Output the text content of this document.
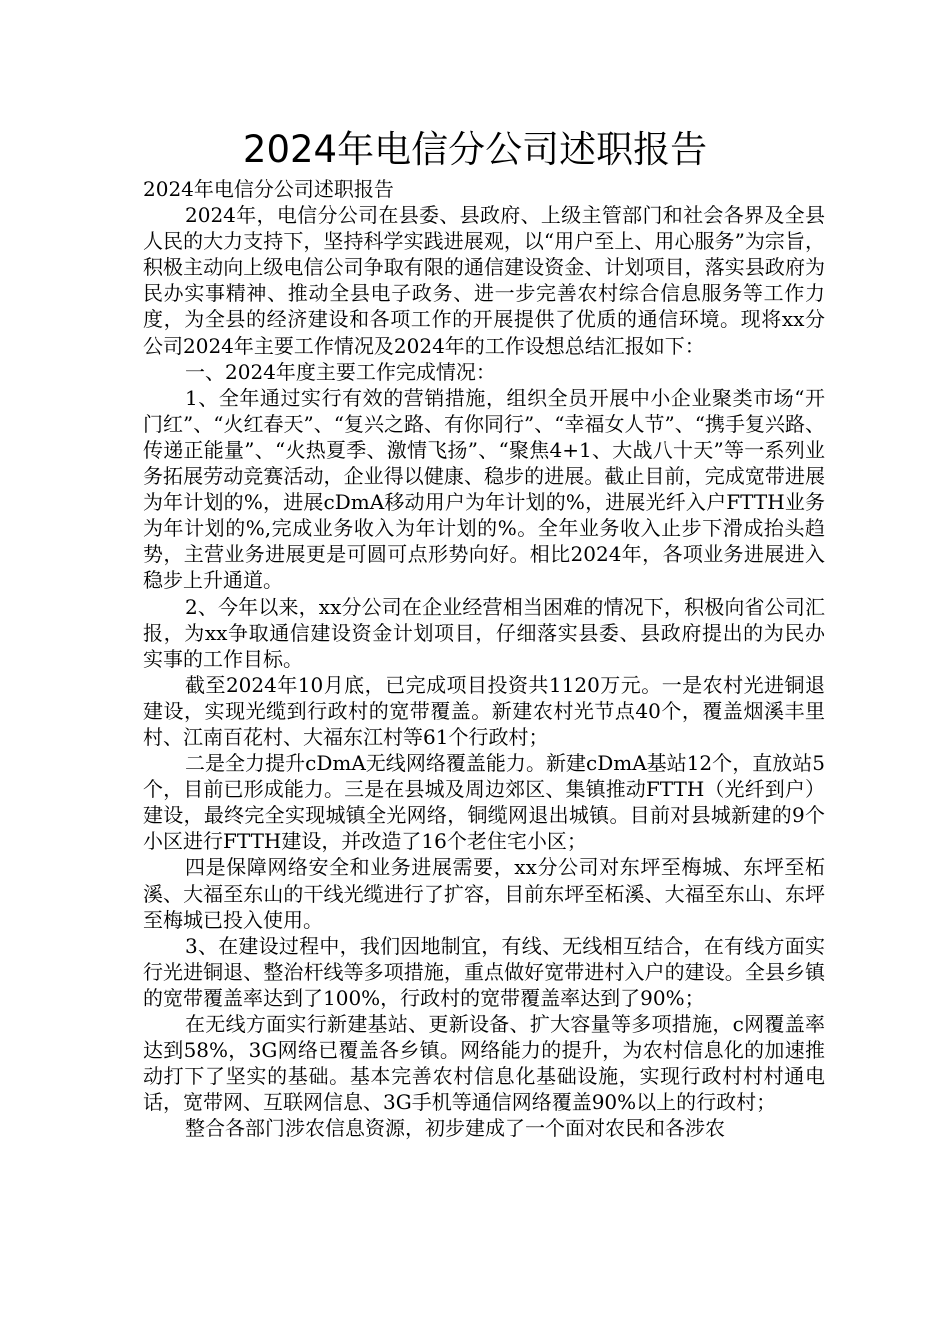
2024年电信分公司述职报告

2024年电信分公司述职报告

2024年，电信分公司在县委、县政府、上级主管部门和社会各界及全县人民的大力支持下，坚持科学实践进展观，以“用户至上、用心服务”为宗旨，积极主动向上级电信公司争取有限的通信建设资金、计划项目，落实县政府为民办实事精神、推动全县电子政务、进一步完善农村综合信息服务等工作力度，为全县的经济建设和各项工作的开展提供了优质的通信环境。现将xx分公司2024年主要工作情况及2024年的工作设想总结汇报如下：

一、2024年度主要工作完成情况：

1、全年通过实行有效的营销措施，组织全员开展中小企业聚类市场“开门红”、“火红春天”、“复兴之路、有你同行”、“幸福女人节”、“携手复兴路、传递正能量”、“火热夏季、激情飞扬”、“聚焦4+1、大战八十天”等一系列业务拓展劳动竞赛活动，企业得以健康、稳步的进展。截止目前，完成宽带进展为年计划的%，进展cDmA移动用户为年计划的%，进展光纤入户FTTH业务为年计划的%,完成业务收入为年计划的%。全年业务收入止步下滑成抬头趋势，主营业务进展更是可圆可点形势向好。相比2024年，各项业务进展进入稳步上升通道。

2、今年以来，xx分公司在企业经营相当困难的情况下，积极向省公司汇报，为xx争取通信建设资金计划项目，仔细落实县委、县政府提出的为民办实事的工作目标。

截至2024年10月底，已完成项目投资共1120万元。一是农村光进铜退建设，实现光缆到行政村的宽带覆盖。新建农村光节点40个，覆盖烟溪丰里村、江南百花村、大福东江村等61个行政村；

二是全力提升cDmA无线网络覆盖能力。新建cDmA基站12个，直放站5个，目前已形成能力。三是在县城及周边郊区、集镇推动FTTH（光纤到户）建设，最终完全实现城镇全光网络，铜缆网退出城镇。目前对县城新建的9个小区进行FTTH建设，并改造了16个老住宅小区；

四是保障网络安全和业务进展需要，xx分公司对东坪至梅城、东坪至柘溪、大福至东山的干线光缆进行了扩容，目前东坪至柘溪、大福至东山、东坪至梅城已投入使用。

3、在建设过程中，我们因地制宜，有线、无线相互结合，在有线方面实行光进铜退、整治杆线等多项措施，重点做好宽带进村入户的建设。全县乡镇的宽带覆盖率达到了100%，行政村的宽带覆盖率达到了90%；

在无线方面实行新建基站、更新设备、扩大容量等多项措施，c网覆盖率达到58%，3G网络已覆盖各乡镇。网络能力的提升，为农村信息化的加速推动打下了坚实的基础。基本完善农村信息化基础设施，实现行政村村村通电话，宽带网、互联网信息、3G手机等通信网络覆盖90%以上的行政村；

整合各部门涉农信息资源，初步建成了一个面对农民和各涉农
